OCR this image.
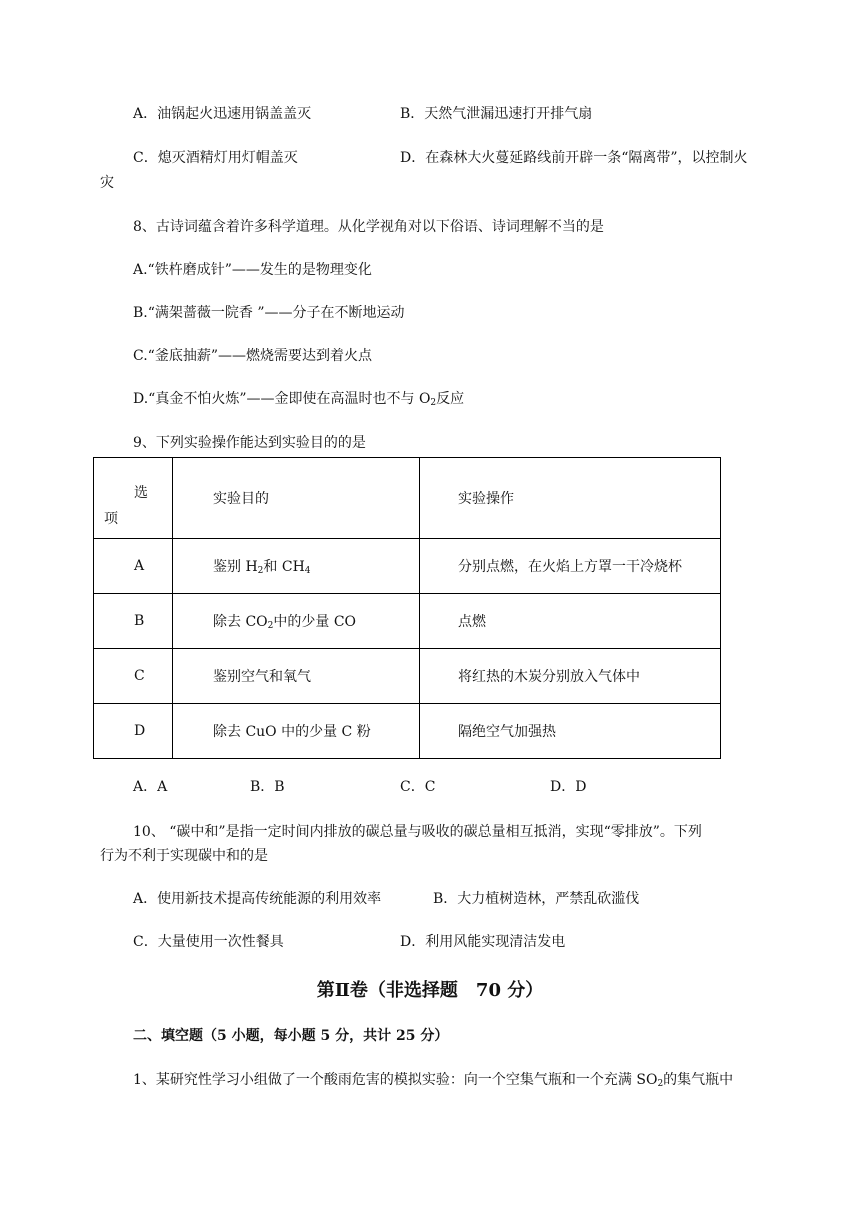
A．油锅起火迅速用锅盖盖灭	B．天然气泄漏迅速打开排气扇
C．熄灭酒精灯用灯帽盖灭	D．在森林大火蔓延路线前开辟一条“隔离带”，以控制火
灾
8、古诗词蕴含着许多科学道理。从化学视角对以下俗语、诗词理解不当的是
A.“铁杵磨成针”——发生的是物理变化
B.“满架蔷薇一院香 ”——分子在不断地运动
C.“釜底抽薪”——燃烧需要达到着火点
D.“真金不怕火炼”——金即使在高温时也不与 $O_2$反应
9、下列实验操作能达到实验目的的是
选
项	实验目的	实验操作

A	鉴别 $H_2$和 $CH_4$	分别点燃，在火焰上方罩一干冷烧杯

B	除去 $CO_2$中的少量 CO	点燃

C	鉴别空气和氧气	将红热的木炭分别放入气体中

D	除去 CuO 中的少量 C 粉	隔绝空气加强热
A．A	B．B	C．C	D．D
10、 “碳中和”是指一定时间内排放的碳总量与吸收的碳总量相互抵消，实现“零排放”。下列
行为不利于实现碳中和的是
A．使用新技术提高传统能源的利用效率	B．大力植树造林，严禁乱砍滥伐
C．大量使用一次性餐具	D．利用风能实现清洁发电
第Ⅱ卷（非选择题　70 分）
二、填空题（5 小题，每小题 5 分，共计 25 分）
1、某研究性学习小组做了一个酸雨危害的模拟实验：向一个空集气瓶和一个充满 $SO_2$的集气瓶中
